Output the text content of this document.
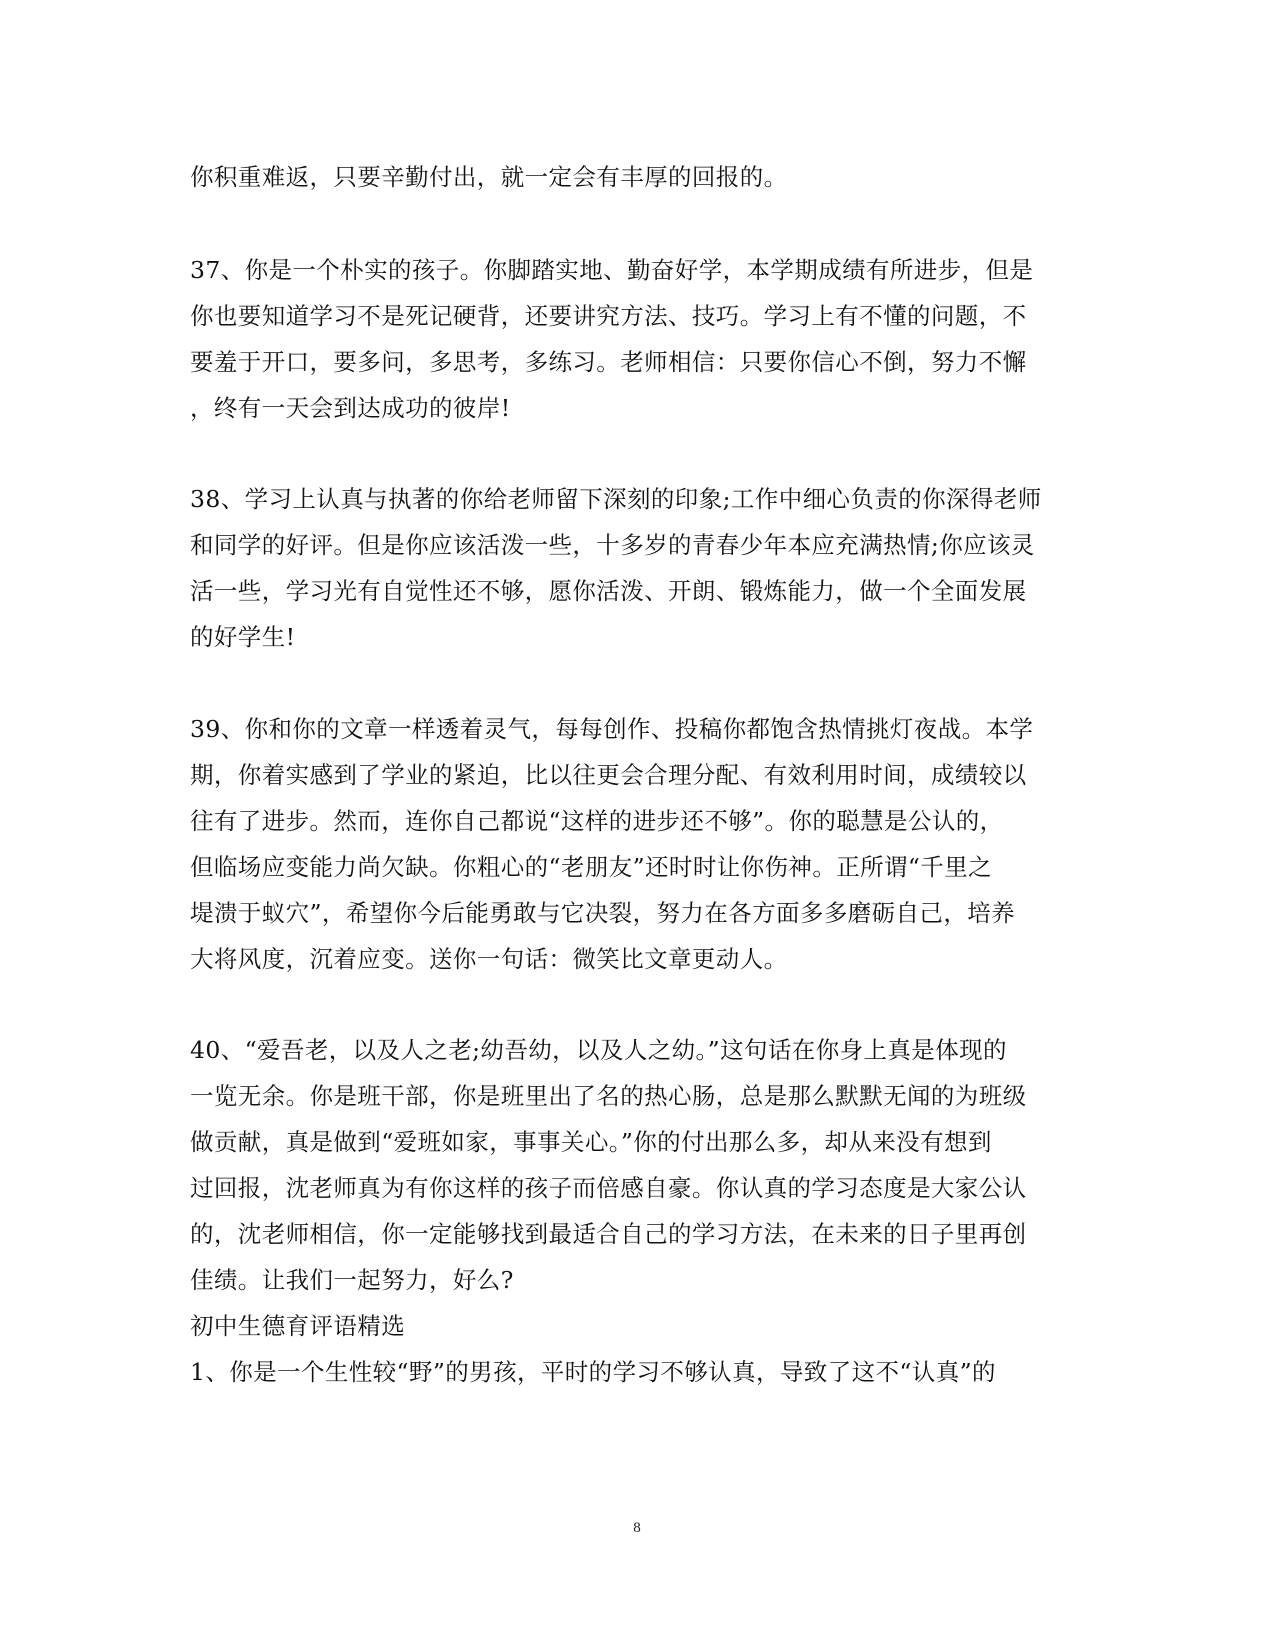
你积重难返，只要辛勤付出，就一定会有丰厚的回报的。
37、你是一个朴实的孩子。你脚踏实地、勤奋好学，本学期成绩有所进步，但是
你也要知道学习不是死记硬背，还要讲究方法、技巧。学习上有不懂的问题，不
要羞于开口，要多问，多思考，多练习。老师相信：只要你信心不倒，努力不懈
，终有一天会到达成功的彼岸!
38、学习上认真与执著的你给老师留下深刻的印象;工作中细心负责的你深得老师
和同学的好评。但是你应该活泼一些，十多岁的青春少年本应充满热情;你应该灵
活一些，学习光有自觉性还不够，愿你活泼、开朗、锻炼能力，做一个全面发展
的好学生!
39、你和你的文章一样透着灵气，每每创作、投稿你都饱含热情挑灯夜战。本学
期，你着实感到了学业的紧迫，比以往更会合理分配、有效利用时间，成绩较以
往有了进步。然而，连你自己都说“这样的进步还不够”。你的聪慧是公认的，
但临场应变能力尚欠缺。你粗心的“老朋友”还时时让你伤神。正所谓“千里之
堤溃于蚁穴”，希望你今后能勇敢与它决裂，努力在各方面多多磨砺自己，培养
大将风度，沉着应变。送你一句话：微笑比文章更动人。
40、“爱吾老，以及人之老;幼吾幼，以及人之幼。”这句话在你身上真是体现的
一览无余。你是班干部，你是班里出了名的热心肠，总是那么默默无闻的为班级
做贡献，真是做到“爱班如家，事事关心。”你的付出那么多，却从来没有想到
过回报，沈老师真为有你这样的孩子而倍感自豪。你认真的学习态度是大家公认
的，沈老师相信，你一定能够找到最适合自己的学习方法，在未来的日子里再创
佳绩。让我们一起努力，好么?
初中生德育评语精选
1、你是一个生性较“野”的男孩，平时的学习不够认真，导致了这不“认真”的
8
